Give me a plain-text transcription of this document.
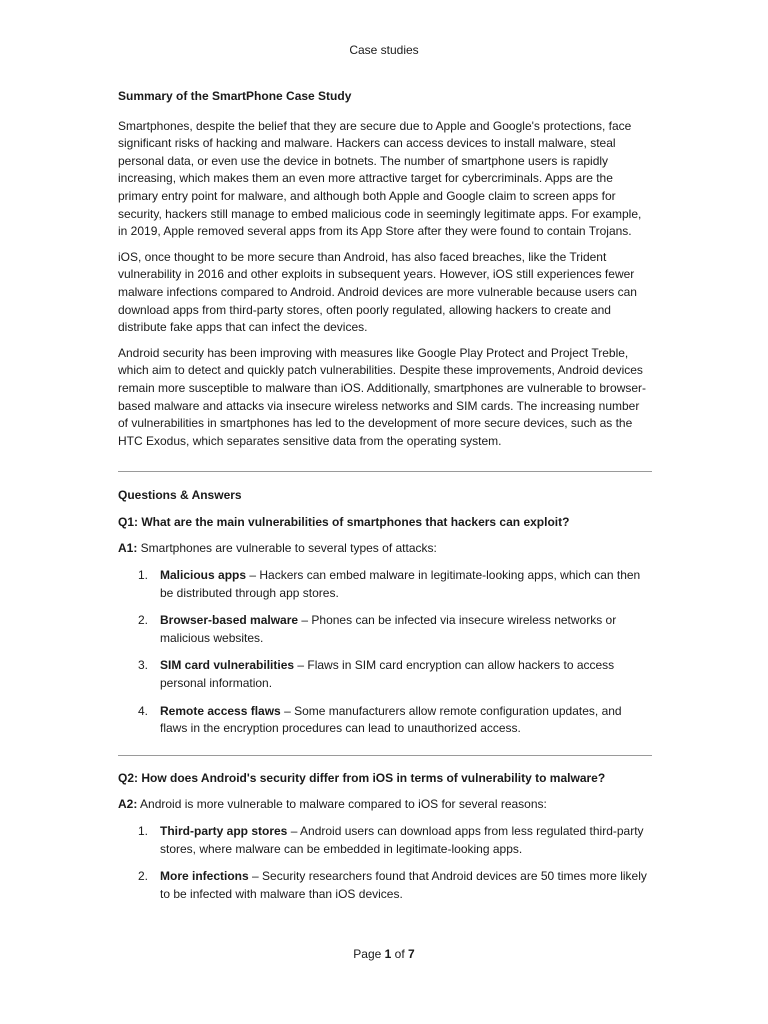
Case studies

Summary of the SmartPhone Case Study

Smartphones, despite the belief that they are secure due to Apple and Google's protections, face significant risks of hacking and malware. Hackers can access devices to install malware, steal personal data, or even use the device in botnets. The number of smartphone users is rapidly increasing, which makes them an even more attractive target for cybercriminals. Apps are the primary entry point for malware, and although both Apple and Google claim to screen apps for security, hackers still manage to embed malicious code in seemingly legitimate apps. For example, in 2019, Apple removed several apps from its App Store after they were found to contain Trojans.

iOS, once thought to be more secure than Android, has also faced breaches, like the Trident vulnerability in 2016 and other exploits in subsequent years. However, iOS still experiences fewer malware infections compared to Android. Android devices are more vulnerable because users can download apps from third-party stores, often poorly regulated, allowing hackers to create and distribute fake apps that can infect the devices.

Android security has been improving with measures like Google Play Protect and Project Treble, which aim to detect and quickly patch vulnerabilities. Despite these improvements, Android devices remain more susceptible to malware than iOS. Additionally, smartphones are vulnerable to browser-based malware and attacks via insecure wireless networks and SIM cards. The increasing number of vulnerabilities in smartphones has led to the development of more secure devices, such as the HTC Exodus, which separates sensitive data from the operating system.

Questions & Answers

Q1: What are the main vulnerabilities of smartphones that hackers can exploit?

A1: Smartphones are vulnerable to several types of attacks:

1. Malicious apps – Hackers can embed malware in legitimate-looking apps, which can then be distributed through app stores.
2. Browser-based malware – Phones can be infected via insecure wireless networks or malicious websites.
3. SIM card vulnerabilities – Flaws in SIM card encryption can allow hackers to access personal information.
4. Remote access flaws – Some manufacturers allow remote configuration updates, and flaws in the encryption procedures can lead to unauthorized access.

Q2: How does Android's security differ from iOS in terms of vulnerability to malware?

A2: Android is more vulnerable to malware compared to iOS for several reasons:

1. Third-party app stores – Android users can download apps from less regulated third-party stores, where malware can be embedded in legitimate-looking apps.
2. More infections – Security researchers found that Android devices are 50 times more likely to be infected with malware than iOS devices.
Page 1 of 7
